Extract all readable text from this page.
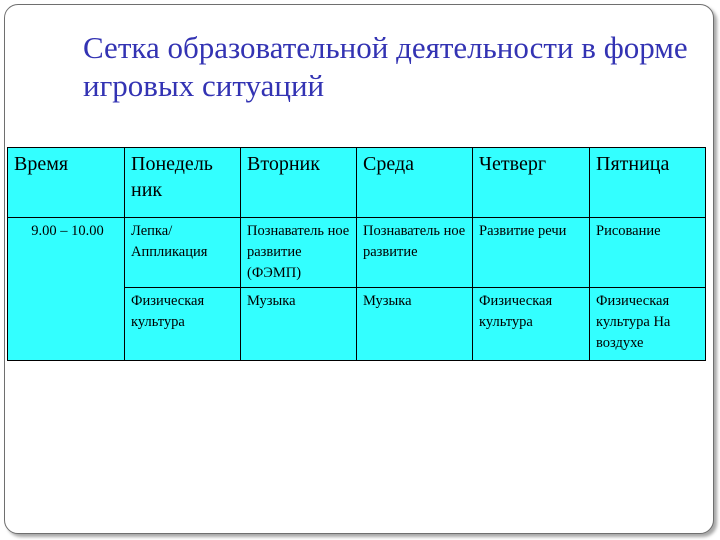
Сетка образовательной деятельности в форме игровых ситуаций
Время	Понедель ник	Вторник	Среда	Четверг	Пятница
9.00 – 10.00	Лепка/ Аппликация	Познаватель ное развитие (ФЭМП)	Познаватель ное развитие	Развитие речи	Рисование
	Физическая культура	Музыка	Музыка	Физическая культура	Физическая культура На воздухе
